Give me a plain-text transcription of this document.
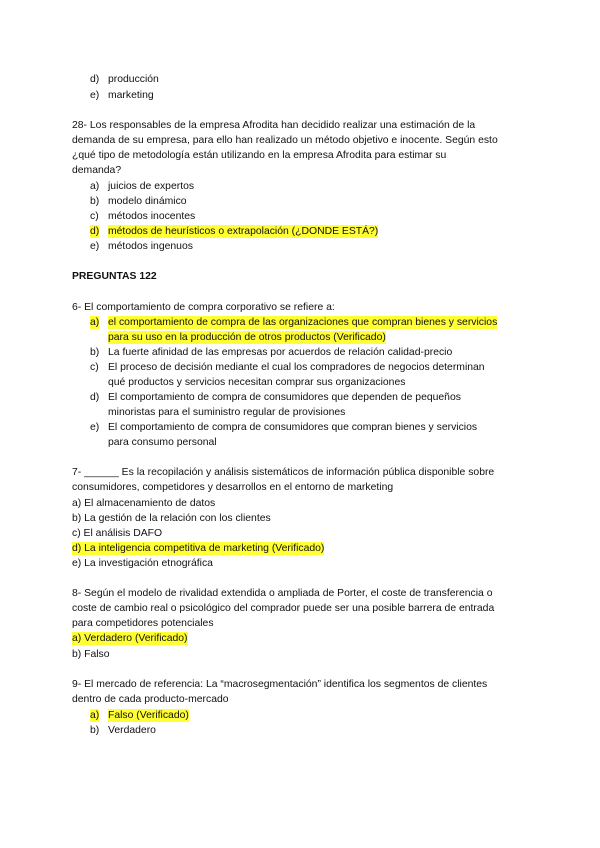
d) producción
e) marketing
28- Los responsables de la empresa Afrodita han decidido realizar una estimación de la
demanda de su empresa, para ello han realizado un método objetivo e inocente. Según esto
¿qué tipo de metodología están utilizando en la empresa Afrodita para estimar su
demanda?
a) juicios de expertos
b) modelo dinámico
c) métodos inocentes
d) métodos de heurísticos o extrapolación (¿DONDE ESTÁ?)
e) métodos ingenuos
PREGUNTAS 122
6- El comportamiento de compra corporativo se refiere a:
a) el comportamiento de compra de las organizaciones que compran bienes y servicios
para su uso en la producción de otros productos (Verificado)
b) La fuerte afinidad de las empresas por acuerdos de relación calidad-precio
c) El proceso de decisión mediante el cual los compradores de negocios determinan
qué productos y servicios necesitan comprar sus organizaciones
d) El comportamiento de compra de consumidores que dependen de pequeños
minoristas para el suministro regular de provisiones
e) El comportamiento de compra de consumidores que compran bienes y servicios
para consumo personal
7- ______ Es la recopilación y análisis sistemáticos de información pública disponible sobre
consumidores, competidores y desarrollos en el entorno de marketing
a) El almacenamiento de datos
b) La gestión de la relación con los clientes
c) El análisis DAFO
d) La inteligencia competitiva de marketing (Verificado)
e) La investigación etnográfica
8- Según el modelo de rivalidad extendida o ampliada de Porter, el coste de transferencia o
coste de cambio real o psicológico del comprador puede ser una posible barrera de entrada
para competidores potenciales
a) Verdadero (Verificado)
b) Falso
9- El mercado de referencia: La “macrosegmentación” identifica los segmentos de clientes
dentro de cada producto-mercado
a) Falso (Verificado)
b) Verdadero
